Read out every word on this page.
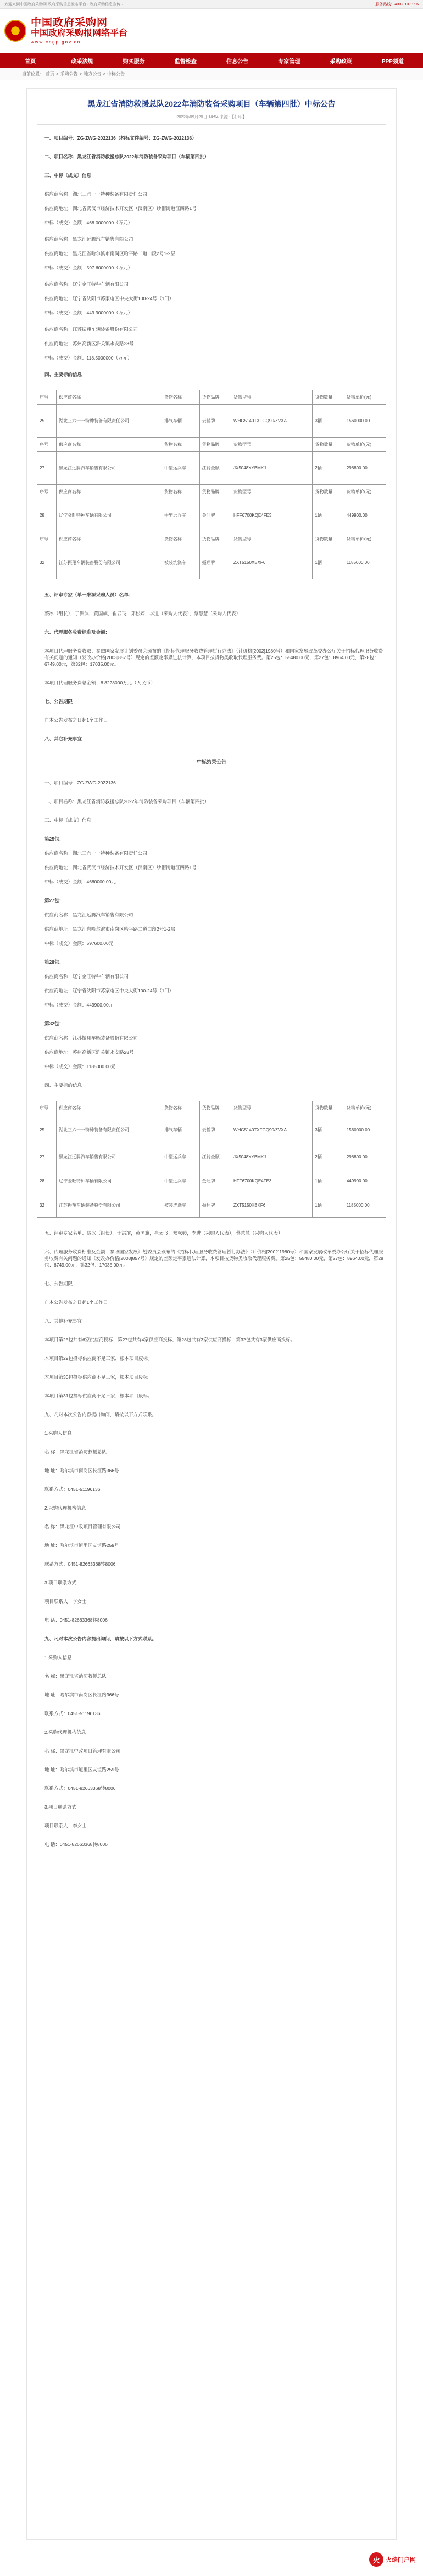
欢迎来到中国政府采购网 政府采购信息发布平台 · 政府采购信息宣传 ·	服务热线：400-810-1996
中国政府采购网
中国政府采购报网络平台
www.ccgp.gov.cn
首页	政采法规	购买服务	监督检查	信息公告	专家管理	采购政策	PPP频道
当前位置： 首页 > 采购公告 > 地方公告 > 中标公告
黑龙江省消防救援总队2022年消防装备采购项目（车辆第四批）中标公告
2022年09月20日 14:54 来源：【打印】
一、项目编号：ZG-ZWG-2022136（招标文件编号：ZG-ZWG-2022136）
二、项目名称：黑龙江省消防救援总队2022年消防装备采购项目（车辆第四批）
三、中标（成交）信息
供应商名称：湖北三六一一特种装备有限责任公司
供应商地址：湖北省武汉市经济技术开发区（汉南区）纱帽街道江四路1号
中标（成交）金额：468.0000000（万元）
供应商名称：黑龙江远腾汽车销售有限公司
供应商地址：黑龙江省哈尔滨市南岗区哈平路二道口段2号1-2层
中标（成交）金额：597.6000000（万元）
供应商名称：辽宁金旺特种车辆有限公司
供应商地址：辽宁省沈阳市苏家屯区中央大街100-24号（1门）
中标（成交）金额：449.9000000（万元）
供应商名称：江苏振翔车辆装备股份有限公司
供应商地址：苏州高新区浒关镇永安路28号
中标（成交）金额：118.5000000（万元）
四、主要标的信息
序号	供应商名称	货物名称	货物品牌	货物型号	货物数量	货物单价(元)
25	湖北三六一一特种装备有限责任公司	排气车辆	云鹤牌	WHG5140TXFGQ90/ZVXA	3辆	1560000.00
序号	供应商名称	货物名称	货物品牌	货物型号	货物数量	货物单价(元)
27	黑龙江远腾汽车销售有限公司	中型运兵车	江铃全顺	JX5048XYBMKJ	2辆	298800.00
序号	供应商名称	货物名称	货物品牌	货物型号	货物数量	货物单价(元)
28	辽宁金旺特种车辆有限公司	中型远兵车	金旺牌	HFF6700KQE4FE3	1辆	449900.00
序号	供应商名称	货物名称	货物品牌	货物型号	货物数量	货物单价(元)
32	江苏振翔车辆装备股份有限公司	被装洗涤车	振翔牌	ZXT5150XBXF6	1辆	1185000.00
五、评审专家（单一来源采购人员）名单：
蔡冰（组长），于洪滨，黄国旗，崔云飞，郑松婷，李进（采购人代表），蔡慧慧（采购人代表）
六、代理服务收费标准及金额：
本项目代理服务费收取：参照国家发展计划委员会颁布的《招标代理服务收费管理暂行办法》（计价格[2002]1980号）和国家发展改革委办公厅关于招标代理服务收费有关问题的通知（发改办价格[2003]857号）规定的差额定率累进法计算，本项目按货物类收取代理服务费。第25包：55480.00元，第27包：8964.00元，第28包：6749.00元，第32包：17035.00元。
本项目代理服务费总金额：8.8228000万元（人民币）
七、公告期限
自本公告发布之日起1个工作日。
八、其它补充事宜
中标结果公告
一、项目编号：ZG-ZWG-2022136
二、项目名称：黑龙江省消防救援总队2022年消防装备采购项目（车辆第四批）
三、中标（成交）信息
第25包：
供应商名称：湖北三六一一特种装备有限责任公司
供应商地址：湖北省武汉市经济技术开发区（汉南区）纱帽街道江四路1号
中标（成交）金额：4680000.00元
第27包：
供应商名称：黑龙江远腾汽车销售有限公司
供应商地址：黑龙江省哈尔滨市南岗区哈平路二道口段2号1-2层
中标（成交）金额：597600.00元
第28包：
供应商名称：辽宁金旺特种车辆有限公司
供应商地址：辽宁省沈阳市苏家屯区中央大街100-24号（1门）
中标（成交）金额：449900.00元
第32包：
供应商名称：江苏振翔车辆装备股份有限公司
供应商地址：苏州高新区浒关镇永安路28号
中标（成交）金额：1185000.00元
四、主要标的信息
序号	供应商名称	货物名称	货物品牌	货物型号	货物数量	货物单价(元)
25	湖北三六一一特种装备有限责任公司	排气车辆	云鹤牌	WHG5140TXFGQ90/ZVXA	3辆	1560000.00
27	黑龙江远腾汽车销售有限公司	中型运兵车	江铃全顺	JX5048XYBMKJ	2辆	298800.00
28	辽宁金旺特种车辆有限公司	中型远兵车	金旺牌	HFF6700KQE4FE3	1辆	449900.00
32	江苏振翔车辆装备股份有限公司	被装洗涤车	振翔牌	ZXT5150XBXF6	1辆	1185000.00
五、评审专家名单：蔡冰（组长），于洪滨，黄国旗，崔云飞，郑松婷，李进（采购人代表），蔡慧慧（采购人代表）
六、代理服务收费标准及金额：参照国家发展计划委员会颁布的《招标代理服务收费管理暂行办法》（计价格[2002]1980号）和国家发展改革委办公厅关于招标代理服务收费有关问题的通知（发改办价格[2003]857号）规定的差额定率累进法计算，本项目按货物类收取代理服务费。第25包：55480.00元，第27包：8964.00元，第28包：6749.00元，第32包：17035.00元。
七、公告期限
自本公告发布之日起1个工作日。
八、其他补充事宜
本项目第25包共有6家供应商投标，第27包共有4家供应商投标，第28包共有3家供应商投标，第32包共有3家供应商投标。
本项目第29包投标供应商不足三家，根本项目废标。
本项目第30包投标供应商不足三家，根本项目废标。
本项目第31包投标供应商不足三家，根本项目废标。
九、凡对本次公告内容提出询问，请按以下方式联系。
1.采购人信息
名 称：黑龙江省消防救援总队
地 址：哈尔滨市南岗区长江路366号
联系方式：0451-51196136
2.采购代理机构信息
名 称：黑龙江中政项目管理有限公司
地 址：哈尔滨市道里区友谊路259号
联系方式：0451-82663368转8006
3.项目联系方式
项目联系人：李女士
电 话：0451-82663368转8006
九、凡对本次公告内容提出询问，请按以下方式联系。
1.采购人信息
名 称：黑龙江省消防救援总队
地 址：哈尔滨市南岗区长江路366号
联系方式：0451-51196136
2.采购代理机构信息
名 称：黑龙江中政项目管理有限公司
地 址：哈尔滨市道里区友谊路259号
联系方式：0451-82663368转8006
3.项目联系方式
项目联系人：李女士
电 话：0451-82663368转8006
火 火焰门户网
